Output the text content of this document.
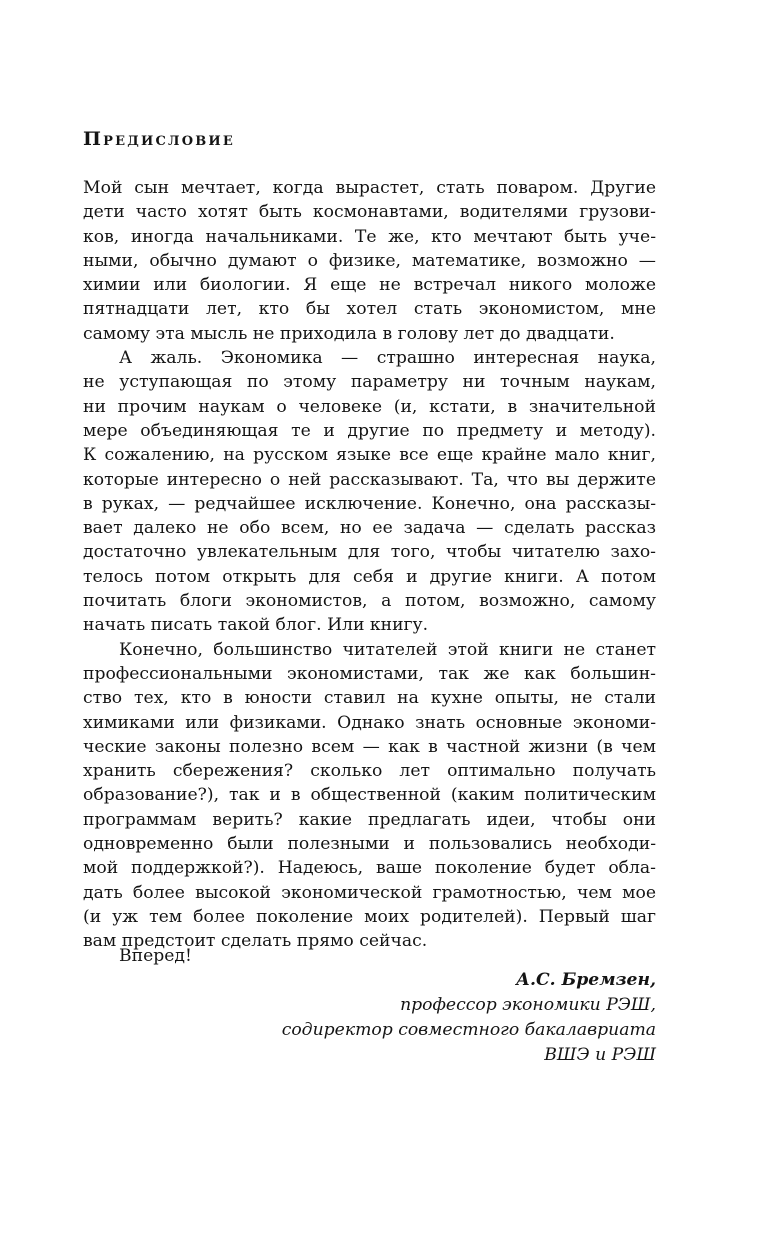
Предисловие
Мой сын мечтает, когда вырастет, стать поваром. Другие
дети часто хотят быть космонавтами, водителями грузови-
ков, иногда начальниками. Те же, кто мечтают быть уче-
ными, обычно думают о физике, математике, возможно —
химии или биологии. Я еще не встречал никого моложе
пятнадцати лет, кто бы хотел стать экономистом, мне
самому эта мысль не приходила в голову лет до двадцати.
А жаль. Экономика — страшно интересная наука,
не уступающая по этому параметру ни точным наукам,
ни прочим наукам о человеке (и, кстати, в значительной
мере объединяющая те и другие по предмету и методу).
К сожалению, на русском языке все еще крайне мало книг,
которые интересно о ней рассказывают. Та, что вы держите
в руках, — редчайшее исключение. Конечно, она рассказы-
вает далеко не обо всем, но ее задача — сделать рассказ
достаточно увлекательным для того, чтобы читателю захо-
телось потом открыть для себя и другие книги. А потом
почитать блоги экономистов, а потом, возможно, самому
начать писать такой блог. Или книгу.
Конечно, большинство читателей этой книги не станет
профессиональными экономистами, так же как большин-
ство тех, кто в юности ставил на кухне опыты, не стали
химиками или физиками. Однако знать основные экономи-
ческие законы полезно всем — как в частной жизни (в чем
хранить сбережения? сколько лет оптимально получать
образование?), так и в общественной (каким политическим
программам верить? какие предлагать идеи, чтобы они
одновременно были полезными и пользовались необходи-
мой поддержкой?). Надеюсь, ваше поколение будет обла-
дать более высокой экономической грамотностью, чем мое
(и уж тем более поколение моих родителей). Первый шаг
вам предстоит сделать прямо сейчас.
Вперед!
А.С. Бремзен,
профессор экономики РЭШ,
содиректор совместного бакалавриата
ВШЭ и РЭШ
